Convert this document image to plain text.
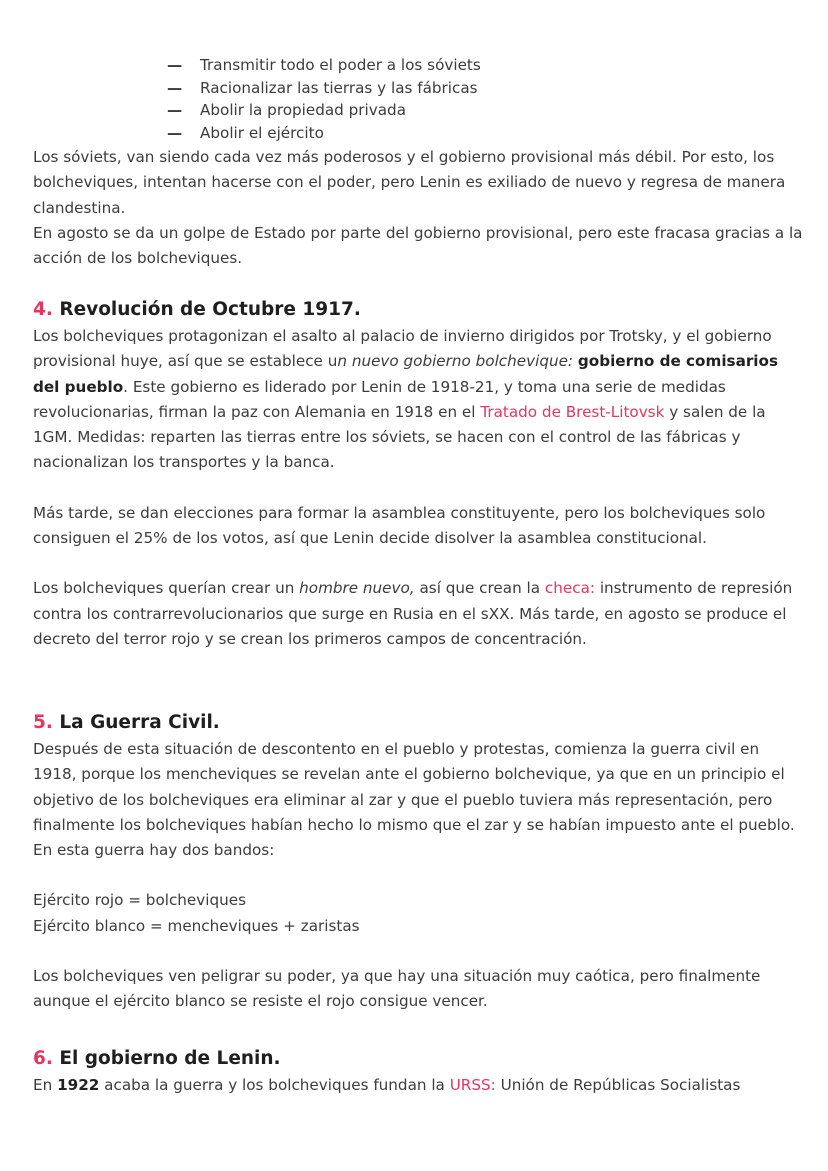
— Transmitir todo el poder a los sóviets
— Racionalizar las tierras y las fábricas
— Abolir la propiedad privada
— Abolir el ejército

Los sóviets, van siendo cada vez más poderosos y el gobierno provisional más débil. Por esto, los bolcheviques, intentan hacerse con el poder, pero Lenin es exiliado de nuevo y regresa de manera clandestina.

En agosto se da un golpe de Estado por parte del gobierno provisional, pero este fracasa gracias a la acción de los bolcheviques.

4. Revolución de Octubre 1917.

Los bolcheviques protagonizan el asalto al palacio de invierno dirigidos por Trotsky, y el gobierno provisional huye, así que se establece un nuevo gobierno bolchevique: gobierno de comisarios del pueblo. Este gobierno es liderado por Lenin de 1918-21, y toma una serie de medidas revolucionarias, firman la paz con Alemania en 1918 en el Tratado de Brest-Litovsk y salen de la 1GM. Medidas: reparten las tierras entre los sóviets, se hacen con el control de las fábricas y nacionalizan los transportes y la banca.

Más tarde, se dan elecciones para formar la asamblea constituyente, pero los bolcheviques solo consiguen el 25% de los votos, así que Lenin decide disolver la asamblea constitucional.

Los bolcheviques querían crear un hombre nuevo, así que crean la checa: instrumento de represión contra los contrarrevolucionarios que surge en Rusia en el sXX. Más tarde, en agosto se produce el decreto del terror rojo y se crean los primeros campos de concentración.

5. La Guerra Civil.

Después de esta situación de descontento en el pueblo y protestas, comienza la guerra civil en 1918, porque los mencheviques se revelan ante el gobierno bolchevique, ya que en un principio el objetivo de los bolcheviques era eliminar al zar y que el pueblo tuviera más representación, pero finalmente los bolcheviques habían hecho lo mismo que el zar y se habían impuesto ante el pueblo. En esta guerra hay dos bandos:

Ejército rojo = bolcheviques

Ejército blanco = mencheviques + zaristas

Los bolcheviques ven peligrar su poder, ya que hay una situación muy caótica, pero finalmente aunque el ejército blanco se resiste el rojo consigue vencer.

6. El gobierno de Lenin.

En 1922 acaba la guerra y los bolcheviques fundan la URSS: Unión de Repúblicas Socialistas
